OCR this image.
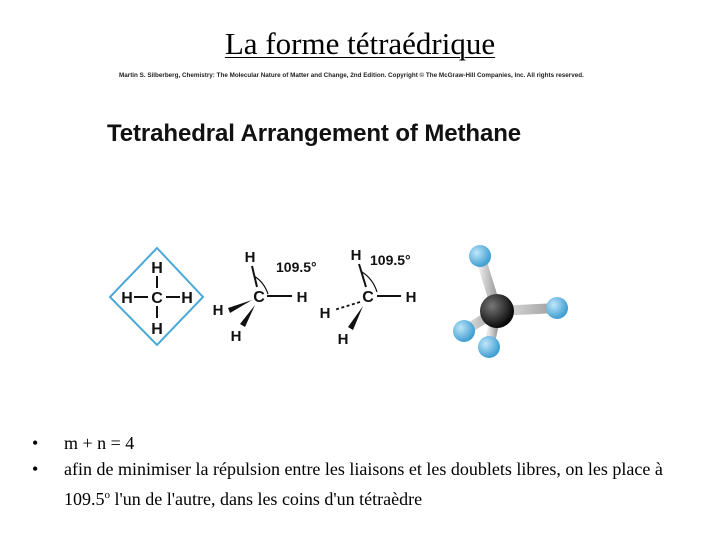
La forme tétraédrique
Martin S. Silberberg, Chemistry: The Molecular Nature of Matter and Change, 2nd Edition. Copyright © The McGraw-Hill Companies, Inc. All rights reserved.
Tetrahedral Arrangement of Methane
H
C
H
H	H
H
C H
H
H
109.5°
H
C H
H
H
109.5°
• m + n = 4
• afin de minimiser la répulsion entre les liaisons et les doublets libres, on les place à 109.5$^o$ l'un de l'autre, dans les coins d'un tétraèdre
